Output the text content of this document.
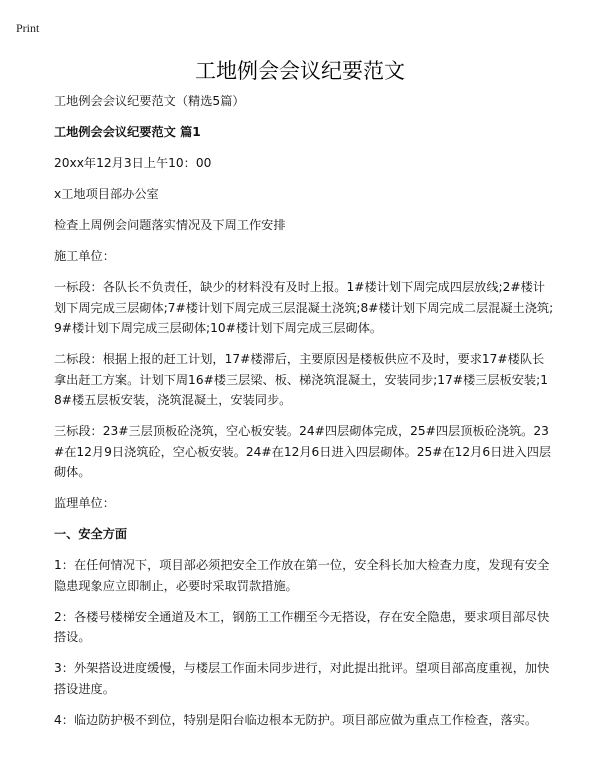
Print
工地例会会议纪要范文

工地例会会议纪要范文（精选5篇）

工地例会会议纪要范文 篇1

20xx年12月3日上午10：00

x工地项目部办公室

检查上周例会问题落实情况及下周工作安排

施工单位：

一标段：各队长不负责任，缺少的材料没有及时上报。1#楼计划下周完成四层放线;2#楼计划下周完成三层砌体;7#楼计划下周完成三层混凝土浇筑;8#楼计划下周完成二层混凝土浇筑;9#楼计划下周完成三层砌体;10#楼计划下周完成三层砌体。

二标段：根据上报的赶工计划，17#楼滞后，主要原因是楼板供应不及时，要求17#楼队长拿出赶工方案。计划下周16#楼三层梁、板、梯浇筑混凝土，安装同步;17#楼三层板安装;18#楼五层板安装，浇筑混凝土，安装同步。

三标段：23#三层顶板砼浇筑，空心板安装。24#四层砌体完成，25#四层顶板砼浇筑。23#在12月9日浇筑砼，空心板安装。24#在12月6日进入四层砌体。25#在12月6日进入四层砌体。

监理单位：

一、安全方面

1：在任何情况下，项目部必须把安全工作放在第一位，安全科长加大检查力度，发现有安全隐患现象应立即制止，必要时采取罚款措施。

2：各楼号楼梯安全通道及木工，钢筋工工作棚至今无搭设，存在安全隐患，要求项目部尽快搭设。

3：外架搭设进度缓慢，与楼层工作面未同步进行，对此提出批评。望项目部高度重视，加快搭设进度。

4：临边防护极不到位，特别是阳台临边根本无防护。项目部应做为重点工作检查，落实。
